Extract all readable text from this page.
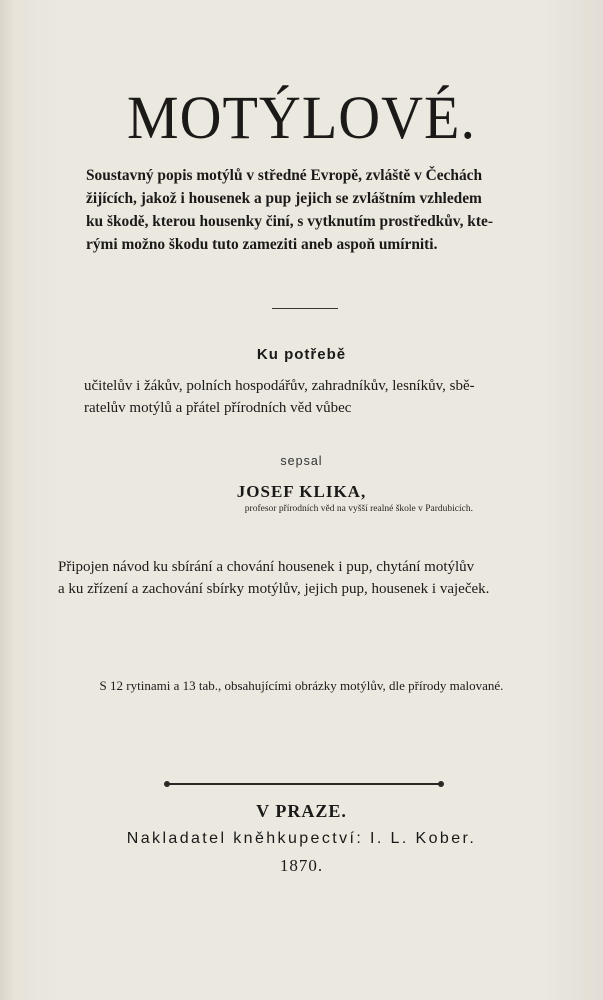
MOTÝLOVÉ.
Soustavný popis motýlů v středné Evropě, zvláště v Čechách
žijících, jakož i housenek a pup jejich se zvláštním vzhledem
ku škodě, kterou housenky činí, s vytknutím prostředkův, kte-
rými možno škodu tuto zameziti aneb aspoň umírniti.
Ku potřebě
učitelův i žákův, polních hospodářův, zahradníkův, lesníkův, sbě-
ratelův motýlů a přátel přírodních věd vůbec
sepsal
JOSEF KLIKA,
profesor přírodních věd na vyšší realné škole v Pardubicích.
Připojen návod ku sbírání a chování housenek i pup, chytání motýlův
a ku zřízení a zachování sbírky motýlův, jejich pup, housenek i vaječek.
S 12 rytinami a 13 tab., obsahujícími obrázky motýlův, dle přírody malované.
V PRAZE.
Nakladatel kněhkupectví: I. L. Kober.
1870.
